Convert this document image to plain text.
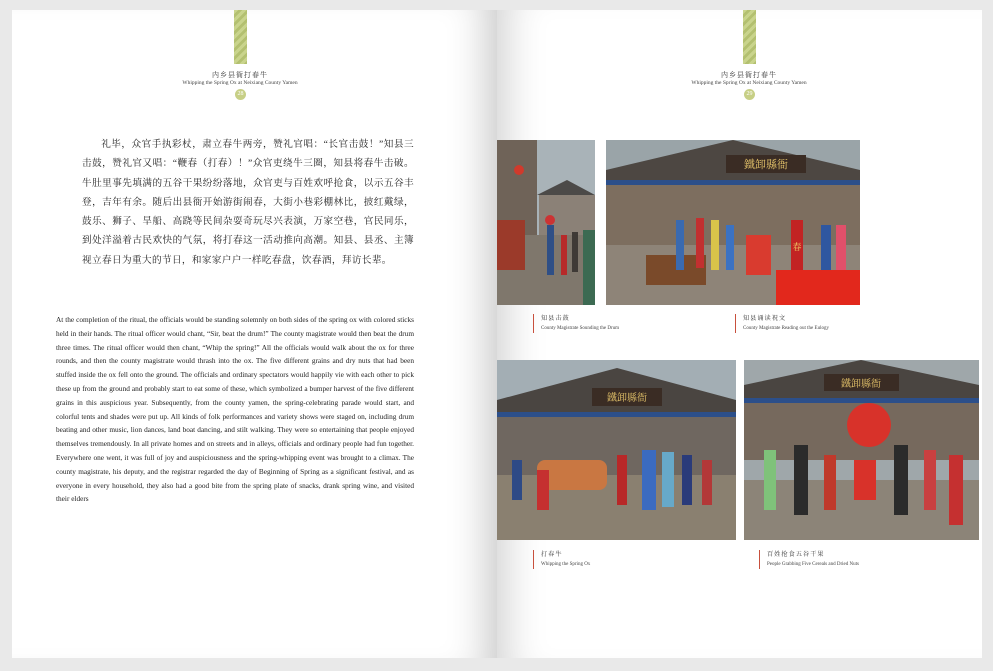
内乡县衙打春牛
Whipping the Spring Ox at Neixiang County Yamen
28

礼毕，众官手执彩杖，肃立春牛两旁，赞礼官唱：“长官击鼓！”知县三击鼓，赞礼官又唱：“鞭春（打春）！”众官吏绕牛三圈，知县将春牛击破。牛肚里事先填满的五谷干果纷纷落地，众官吏与百姓欢呼抢食，以示五谷丰登，吉年有余。随后出县衙开始游街闹春，大街小巷彩棚林比，披红戴绿，鼓乐、狮子、旱船、高跷等民间杂耍奇玩尽兴表演，万家空巷，官民同乐，到处洋溢着古民欢快的气氛，将打春这一活动推向高潮。知县、县丞、主簿视立春日为重大的节日，和家家户户一样吃春盘，饮春酒，拜访长辈。

At the completion of the ritual, the officials would be standing solemnly on both sides of the spring ox with colored sticks held in their hands. The ritual officer would chant, “Sir, beat the drum!” The county magistrate would then beat the drum three times. The ritual officer would then chant, “Whip the spring!” All the officials would walk about the ox for three rounds, and then the county magistrate would thrash into the ox. The five different grains and dry nuts that had been stuffed inside the ox fell onto the ground. The officials and ordinary spectators would happily vie with each other to pick these up from the ground and probably start to eat some of these, which symbolized a bumper harvest of the five different grains in this auspicious year. Subsequently, from the county yamen, the spring-celebrating parade would start, and colorful tents and shades were put up. All kinds of folk performances and variety shows were staged on, including drum beating and other music, lion dances, land boat dancing, and stilt walking. They were so entertaining that people enjoyed themselves tremendously. In all private homes and on streets and in alleys, officials and ordinary people had fun together. Everywhere one went, it was full of joy and auspiciousness and the spring-whipping event was brought to a climax. The county magistrate, his deputy, and the registrar regarded the day of Beginning of Spring as a significant festival, and as everyone in every household, they also had a good bite from the spring plate of snacks, drank spring wine, and visited their elders

内乡县衙打春牛
Whipping the Spring Ox at Neixiang County Yamen
29
鐵卸縣衙
春
知县击鼓
County Magistrate Sounding the Drum
知县诵读祝文
County Magistrate Reading out the Eulogy
鐵卸縣衙
鐵卸縣衙
打春牛
Whipping the Spring Ox
百姓抢食五谷干果
People Grabbing Five Cereals and Dried Nuts
